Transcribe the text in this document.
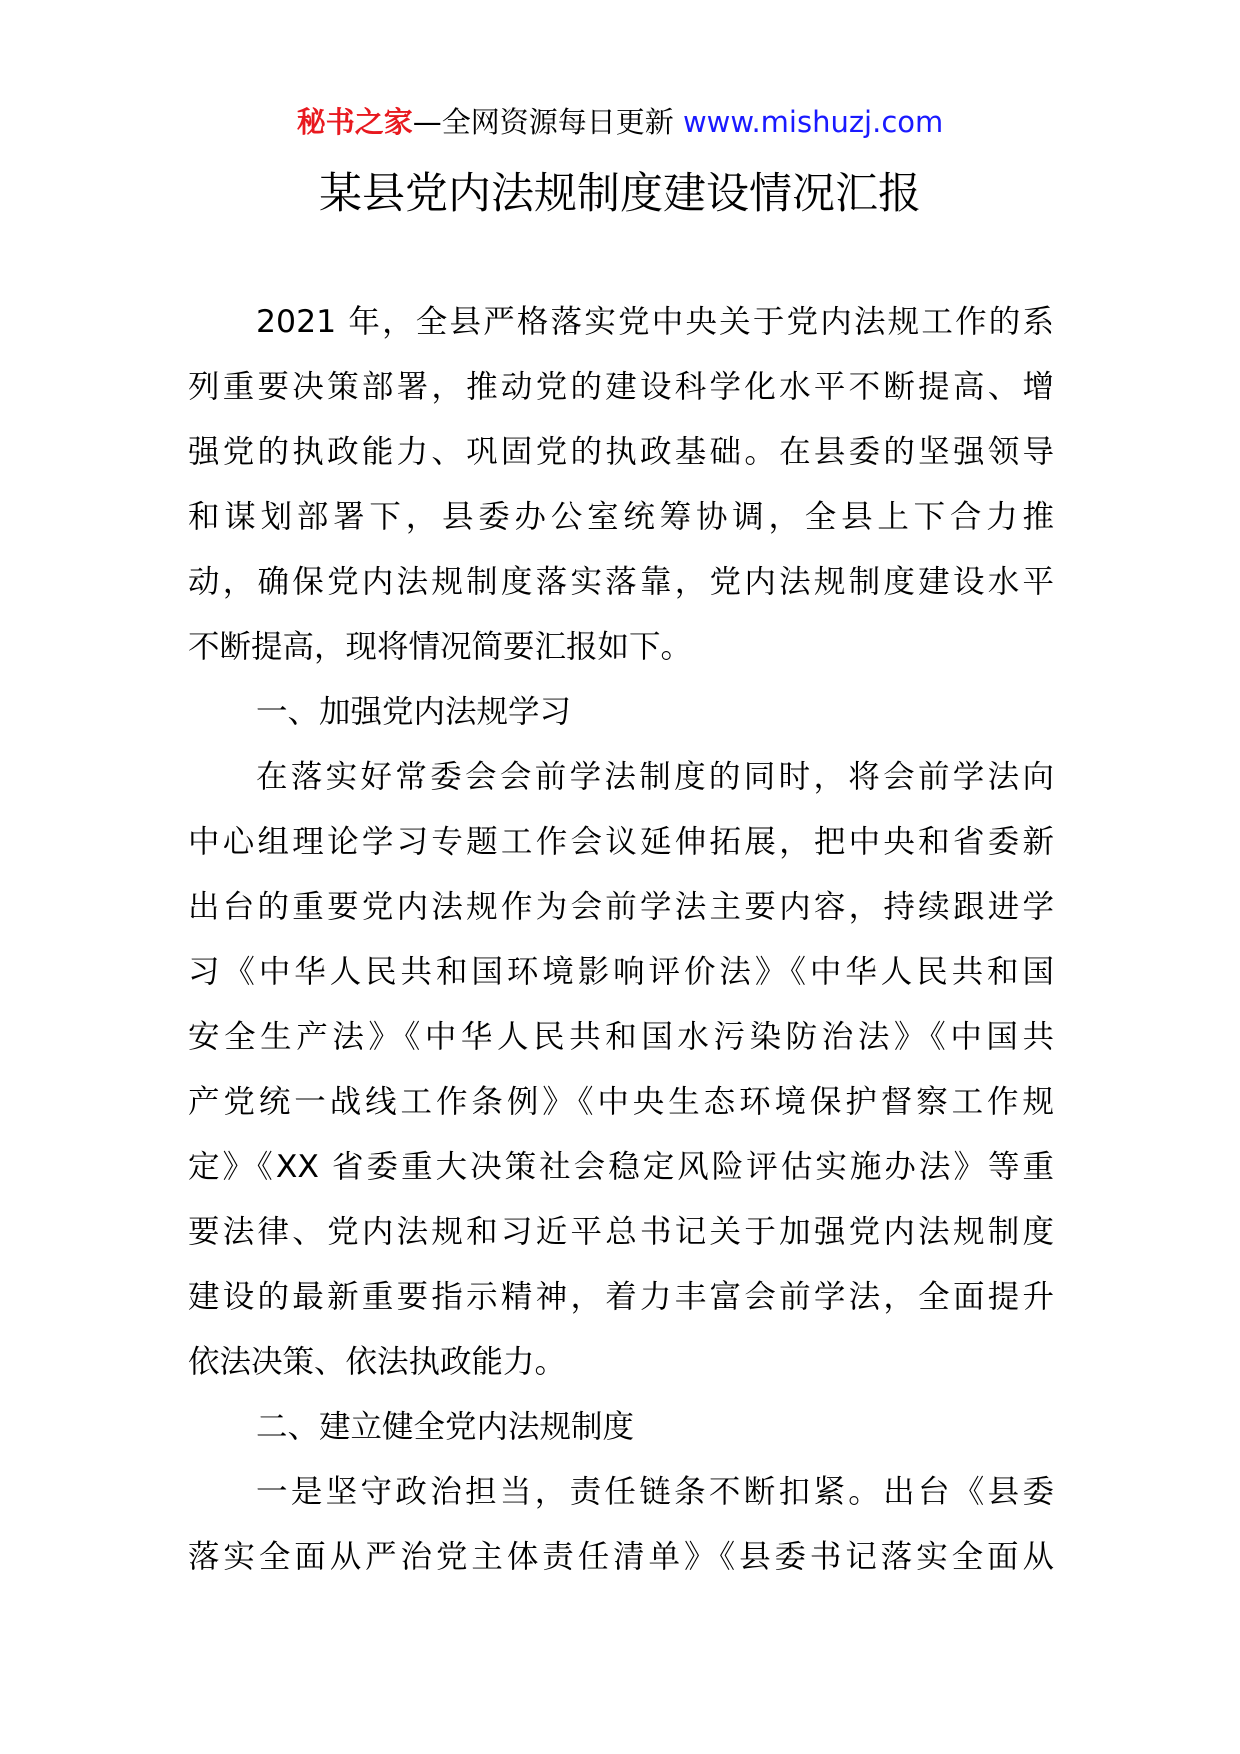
秘书之家—全网资源每日更新 www.mishuzj.com
某县党内法规制度建设情况汇报
2021 年，全县严格落实党中央关于党内法规工作的系
列重要决策部署，推动党的建设科学化水平不断提高、增
强党的执政能力、巩固党的执政基础。在县委的坚强领导
和谋划部署下，县委办公室统筹协调，全县上下合力推
动，确保党内法规制度落实落靠，党内法规制度建设水平
不断提高，现将情况简要汇报如下。
一、加强党内法规学习
在落实好常委会会前学法制度的同时，将会前学法向
中心组理论学习专题工作会议延伸拓展，把中央和省委新
出台的重要党内法规作为会前学法主要内容，持续跟进学
习《中华人民共和国环境影响评价法》《中华人民共和国
安全生产法》《中华人民共和国水污染防治法》《中国共
产党统一战线工作条例》《中央生态环境保护督察工作规
定》《XX 省委重大决策社会稳定风险评估实施办法》等重
要法律、党内法规和习近平总书记关于加强党内法规制度
建设的最新重要指示精神，着力丰富会前学法，全面提升
依法决策、依法执政能力。
二、建立健全党内法规制度
一是坚守政治担当，责任链条不断扣紧。出台《县委
落实全面从严治党主体责任清单》《县委书记落实全面从
